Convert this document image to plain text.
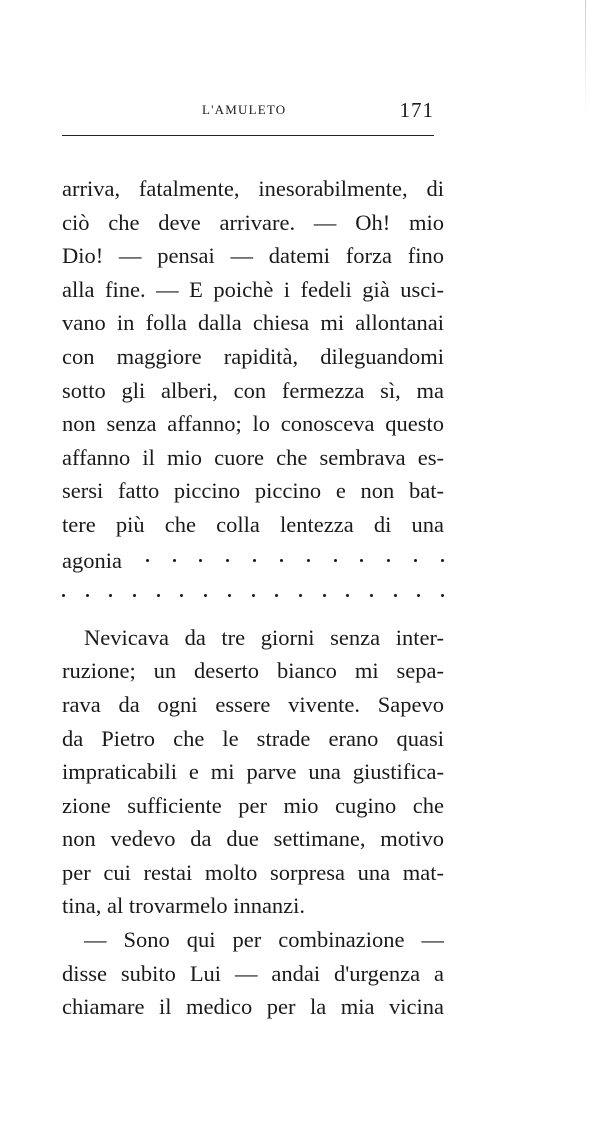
L'AMULETO	171
arriva, fatalmente, inesorabilmente, di
ciò che deve arrivare. — Oh! mio
Dio! — pensai — datemi forza fino
alla fine. — E poichè i fedeli già usci-
vano in folla dalla chiesa mi allontanai
con maggiore rapidità, dileguandomi
sotto gli alberi, con fermezza sì, ma
non senza affanno; lo conosceva questo
affanno il mio cuore che sembrava es-
sersi fatto piccino piccino e non bat-
tere più che colla lentezza di una
agonia
Nevicava da tre giorni senza inter-
ruzione; un deserto bianco mi sepa-
rava da ogni essere vivente. Sapevo
da Pietro che le strade erano quasi
impraticabili e mi parve una giustifica-
zione sufficiente per mio cugino che
non vedevo da due settimane, motivo
per cui restai molto sorpresa una mat-
tina, al trovarmelo innanzi.
— Sono qui per combinazione —
disse subito Lui — andai d'urgenza a
chiamare il medico per la mia vicina
